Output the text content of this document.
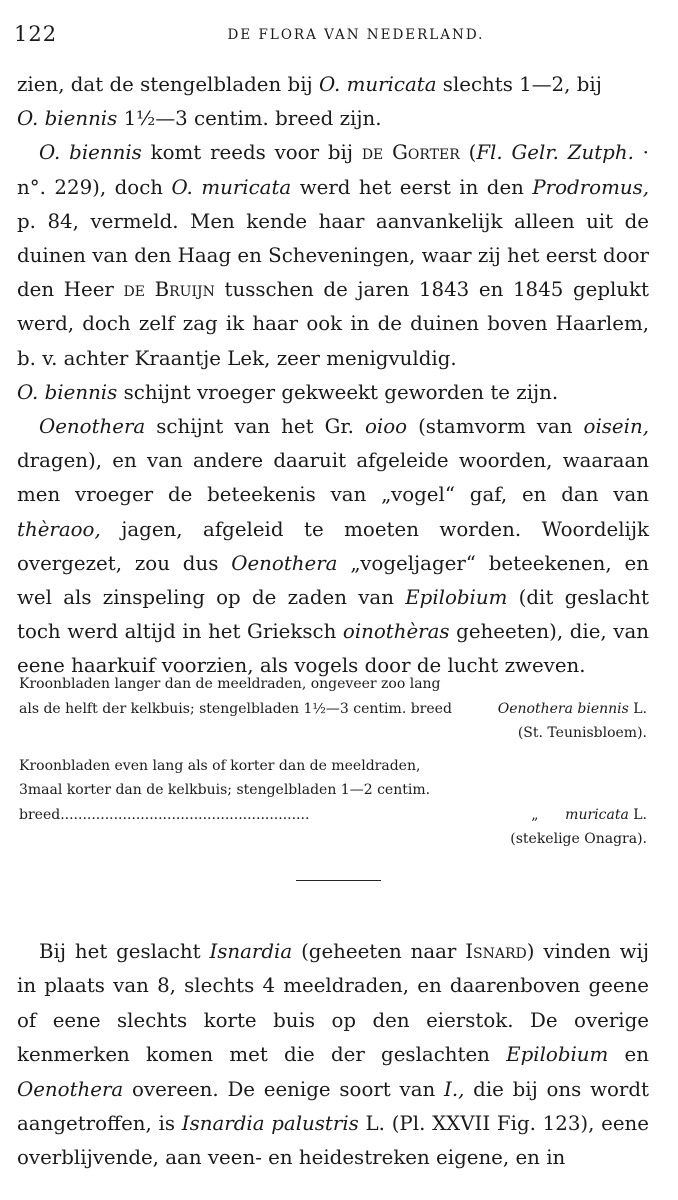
122	DE FLORA VAN NEDERLAND.

zien, dat de stengelbladen bij O. muricata slechts 1—2, bij
O. biennis 1½—3 centim. breed zijn.

O. biennis komt reeds voor bij de Gorter (Fl. Gelr. Zutph. · n°. 229), doch O. muricata werd het eerst in den Prodromus, p. 84, vermeld. Men kende haar aanvankelijk alleen uit de duinen van den Haag en Scheveningen, waar zij het eerst door den Heer de Bruijn tusschen de jaren 1843 en 1845 geplukt werd, doch zelf zag ik haar ook in de duinen boven Haarlem, b. v. achter Kraantje Lek, zeer menigvuldig.
O. biennis schijnt vroeger gekweekt geworden te zijn.

Oenothera schijnt van het Gr. oioo (stamvorm van oisein, dragen), en van andere daaruit afgeleide woorden, waaraan men vroeger de beteekenis van „vogel“ gaf, en dan van thèraoo, jagen, afgeleid te moeten worden. Woordelijk overgezet, zou dus Oenothera „vogeljager“ beteekenen, en wel als zinspeling op de zaden van Epilobium (dit geslacht toch werd altijd in het Grieksch oinothèras geheeten), die, van eene haarkuif voorzien, als vogels door de lucht zweven.

Kroonbladen langer dan de meeldraden, ongeveer zoo lang
als de helft der kelkbuis; stengelbladen 1½—3 centim. breed	Oenothera biennis L.
(St. Teunisbloem).
Kroonbladen even lang als of korter dan de meeldraden,
3maal korter dan de kelkbuis; stengelbladen 1—2 centim.
breed........................................................	„ muricata L.
(stekelige Onagra).

Bij het geslacht Isnardia (geheeten naar Isnard) vinden wij in plaats van 8, slechts 4 meeldraden, en daarenboven geene of eene slechts korte buis op den eierstok. De overige kenmerken komen met die der geslachten Epilobium en Oenothera overeen. De eenige soort van I., die bij ons wordt aangetroffen, is Isnardia palustris L. (Pl. XXVII Fig. 123), eene overblijvende, aan veen- en heidestreken eigene, en in
